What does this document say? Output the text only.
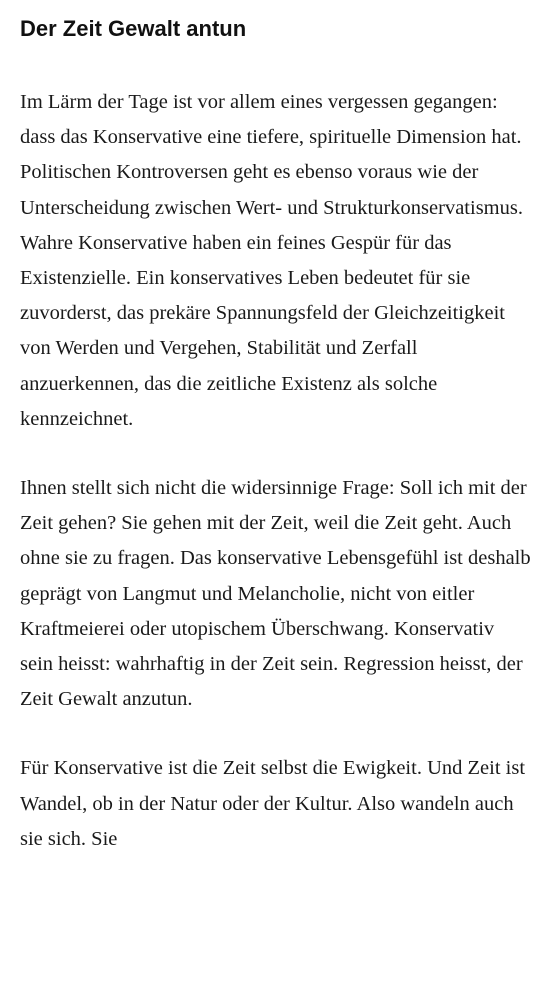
Der Zeit Gewalt antun

Im Lärm der Tage ist vor allem eines vergessen gegangen: dass das Konservative eine tiefere, spirituelle Dimension hat. Politischen Kontroversen geht es ebenso voraus wie der Unterscheidung zwischen Wert- und Strukturkonservatismus. Wahre Konservative haben ein feines Gespür für das Existenzielle. Ein konservatives Leben bedeutet für sie zuvorderst, das prekäre Spannungsfeld der Gleichzeitigkeit von Werden und Vergehen, Stabilität und Zerfall anzuerkennen, das die zeitliche Existenz als solche kennzeichnet.

Ihnen stellt sich nicht die widersinnige Frage: Soll ich mit der Zeit gehen? Sie gehen mit der Zeit, weil die Zeit geht. Auch ohne sie zu fragen. Das konservative Lebensgefühl ist deshalb geprägt von Langmut und Melancholie, nicht von eitler Kraftmeierei oder utopischem Überschwang. Konservativ sein heisst: wahrhaftig in der Zeit sein. Regression heisst, der Zeit Gewalt anzutun.

Für Konservative ist die Zeit selbst die Ewigkeit. Und Zeit ist Wandel, ob in der Natur oder der Kultur. Also wandeln auch sie sich. Sie
